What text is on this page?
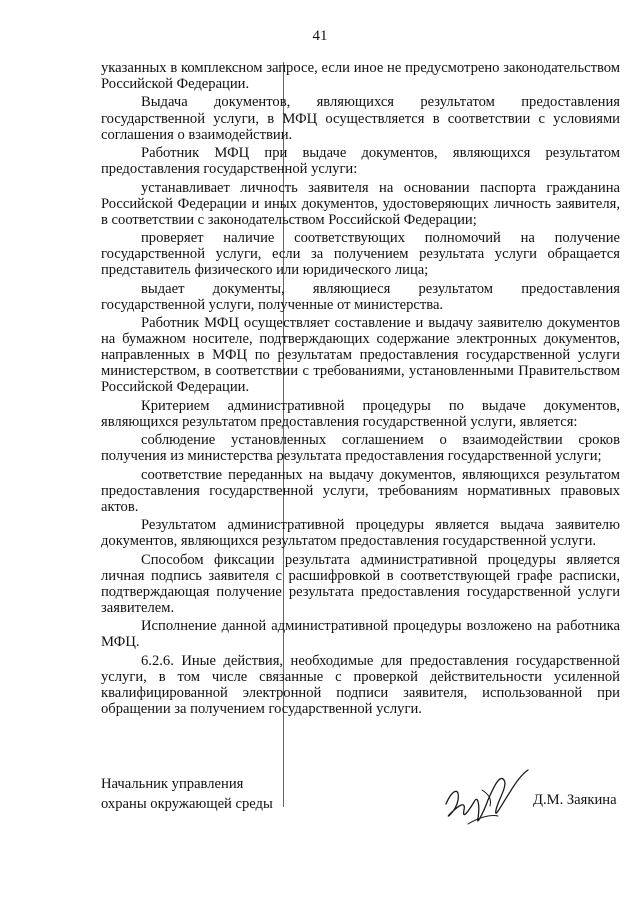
41

указанных в комплексном запросе, если иное не предусмотрено законодательством Российской Федерации.

Выдача документов, являющихся результатом предоставления государственной услуги, в МФЦ осуществляется в соответствии с условиями соглашения о взаимодействии.

Работник МФЦ при выдаче документов, являющихся результатом предоставления государственной услуги:

устанавливает личность заявителя на основании паспорта гражданина Российской Федерации и иных документов, удостоверяющих личность заявителя, в соответствии с законодательством Российской Федерации;

проверяет наличие соответствующих полномочий на получение государственной услуги, если за получением результата услуги обращается представитель физического или юридического лица;

выдает документы, являющиеся результатом предоставления государственной услуги, полученные от министерства.

Работник МФЦ осуществляет составление и выдачу заявителю документов на бумажном носителе, подтверждающих содержание электронных документов, направленных в МФЦ по результатам предоставления государственной услуги министерством, в соответствии с требованиями, установленными Правительством Российской Федерации.

Критерием административной процедуры по выдаче документов, являющихся результатом предоставления государственной услуги, является:

соблюдение установленных соглашением о взаимодействии сроков получения из министерства результата предоставления государственной услуги;

соответствие переданных на выдачу документов, являющихся результатом предоставления государственной услуги, требованиям нормативных правовых актов.

Результатом административной процедуры является выдача заявителю документов, являющихся результатом предоставления государственной услуги.

Способом фиксации результата административной процедуры является личная подпись заявителя с расшифровкой в соответствующей графе расписки, подтверждающая получение результата предоставления государственной услуги заявителем.

Исполнение данной административной процедуры возложено на работника МФЦ.

6.2.6. Иные действия, необходимые для предоставления государственной услуги, в том числе связанные с проверкой действительности усиленной квалифицированной электронной подписи заявителя, использованной при обращении за получением государственной услуги.

Начальник управления
охраны окружающей среды	Д.М. Заякина
